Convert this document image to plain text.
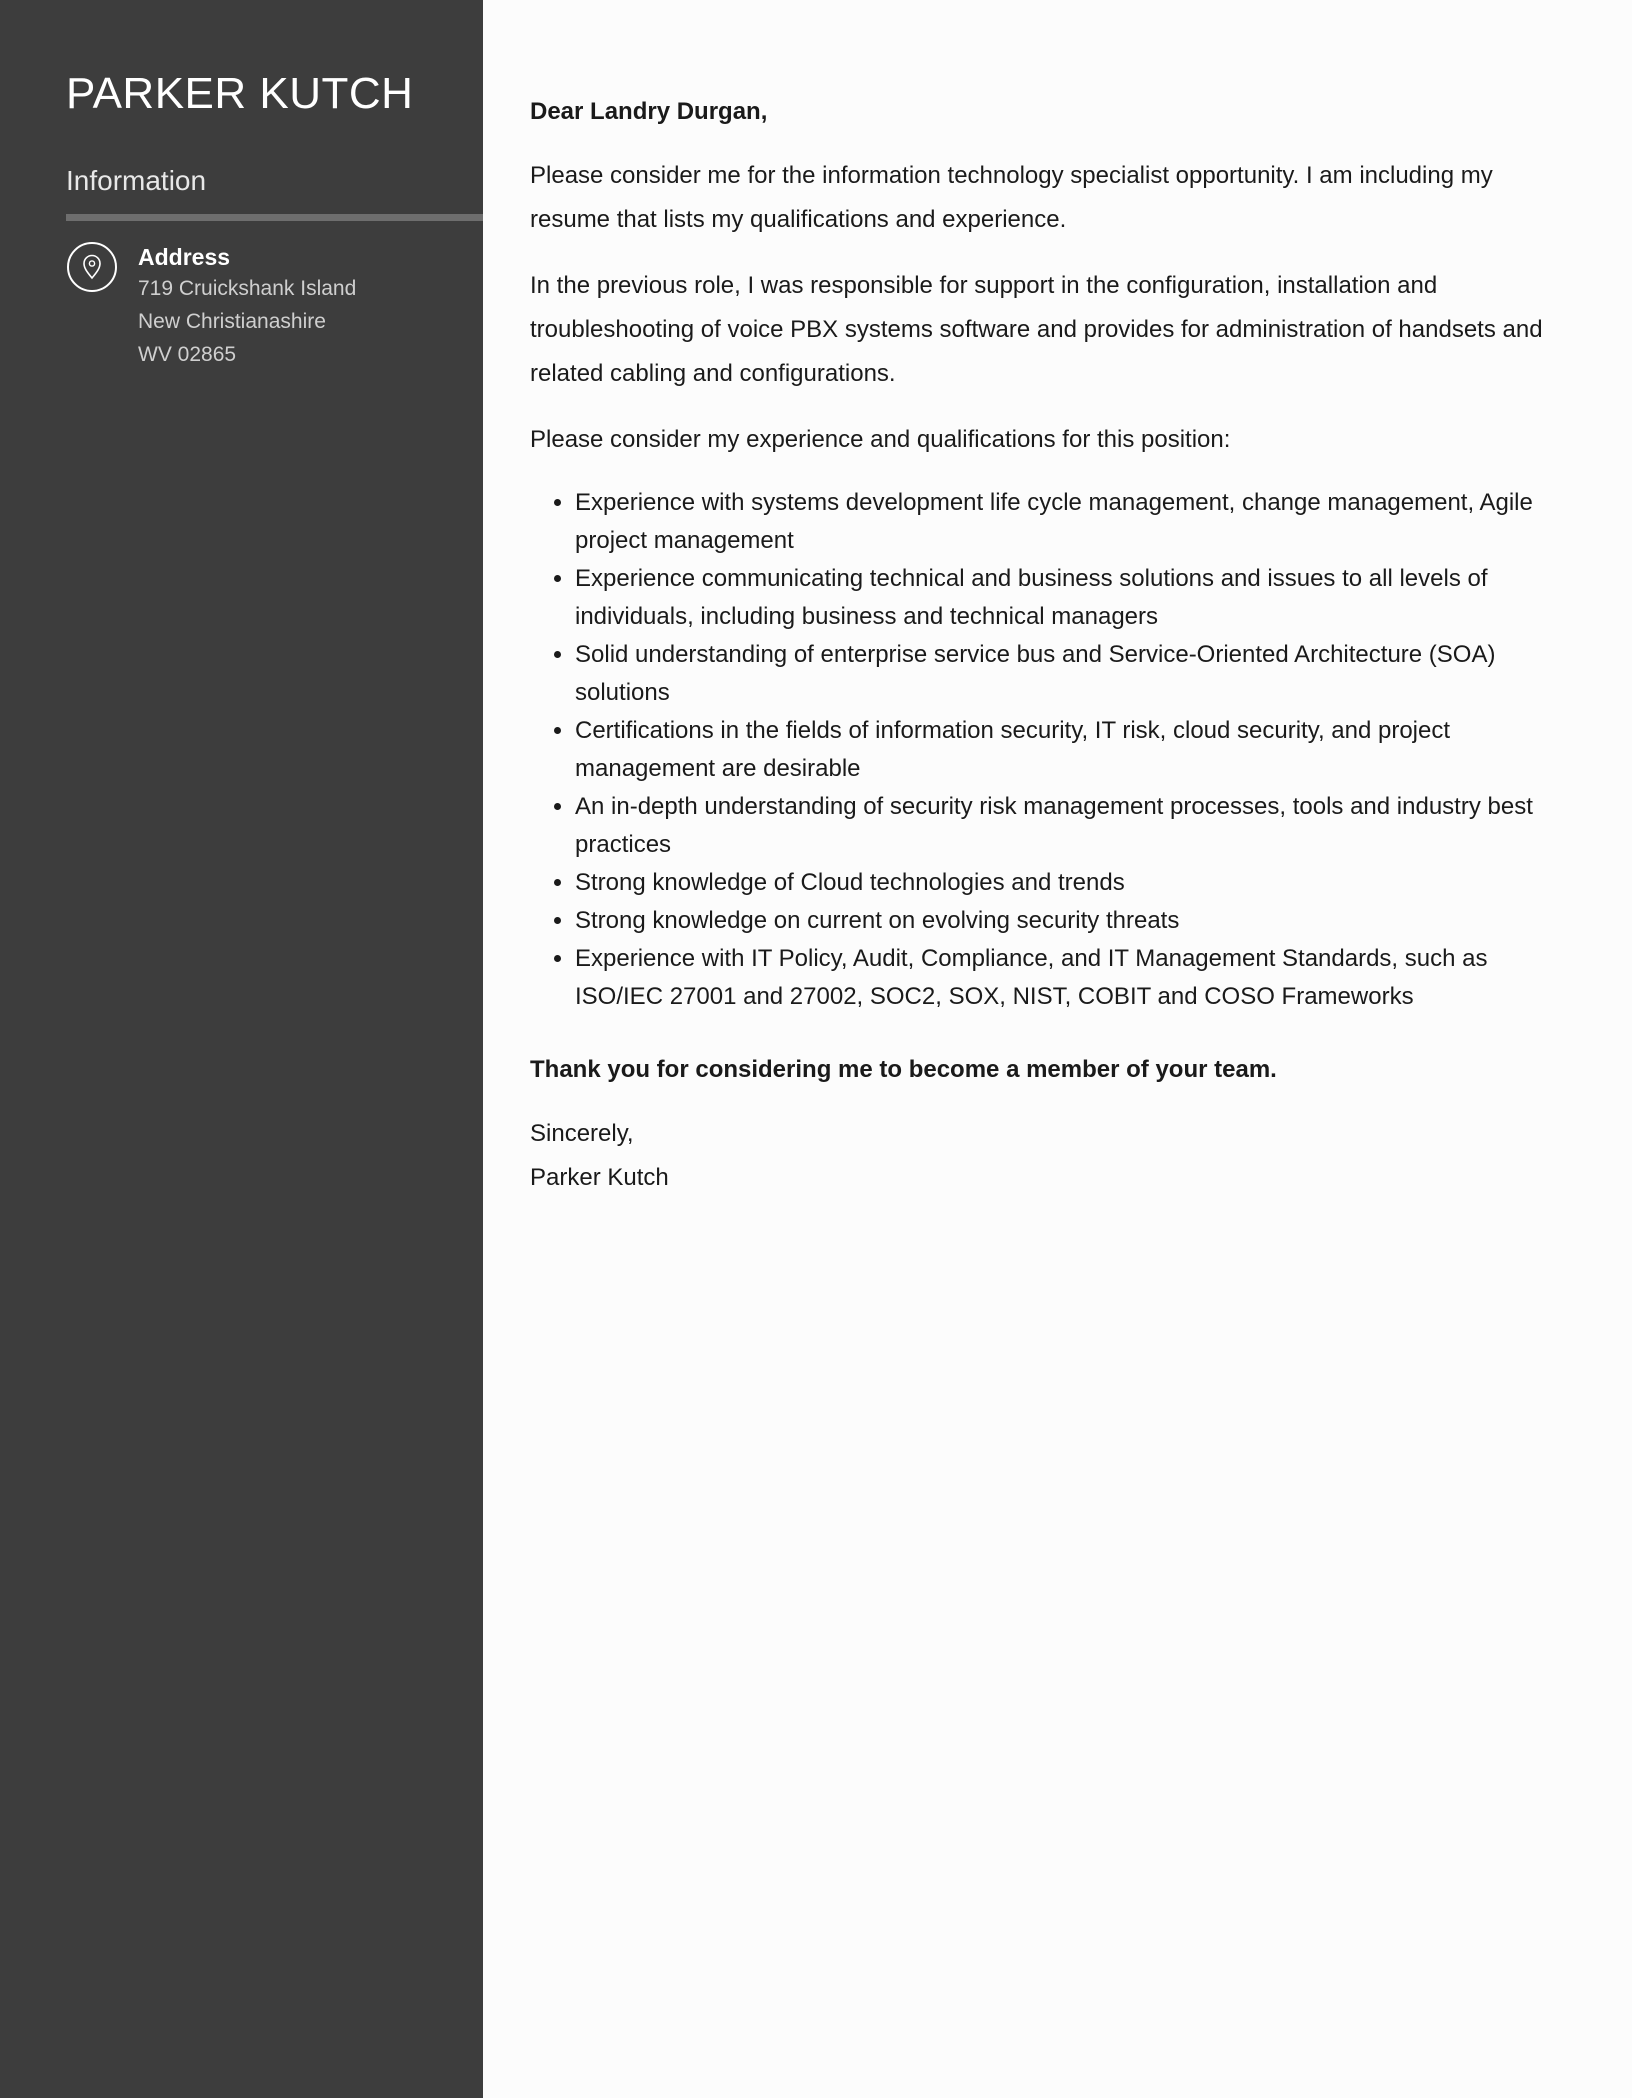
PARKER KUTCH
Information
Address
719 Cruickshank Island
New Christianashire
WV 02865

Dear Landry Durgan,

Please consider me for the information technology specialist opportunity. I am including my resume that lists my qualifications and experience.

In the previous role, I was responsible for support in the configuration, installation and troubleshooting of voice PBX systems software and provides for administration of handsets and related cabling and configurations.

Please consider my experience and qualifications for this position:

• Experience with systems development life cycle management, change management, Agile project management
• Experience communicating technical and business solutions and issues to all levels of individuals, including business and technical managers
• Solid understanding of enterprise service bus and Service-Oriented Architecture (SOA) solutions
• Certifications in the fields of information security, IT risk, cloud security, and project management are desirable
• An in-depth understanding of security risk management processes, tools and industry best practices
• Strong knowledge of Cloud technologies and trends
• Strong knowledge on current on evolving security threats
• Experience with IT Policy, Audit, Compliance, and IT Management Standards, such as ISO/IEC 27001 and 27002, SOC2, SOX, NIST, COBIT and COSO Frameworks

Thank you for considering me to become a member of your team.

Sincerely,

Parker Kutch
